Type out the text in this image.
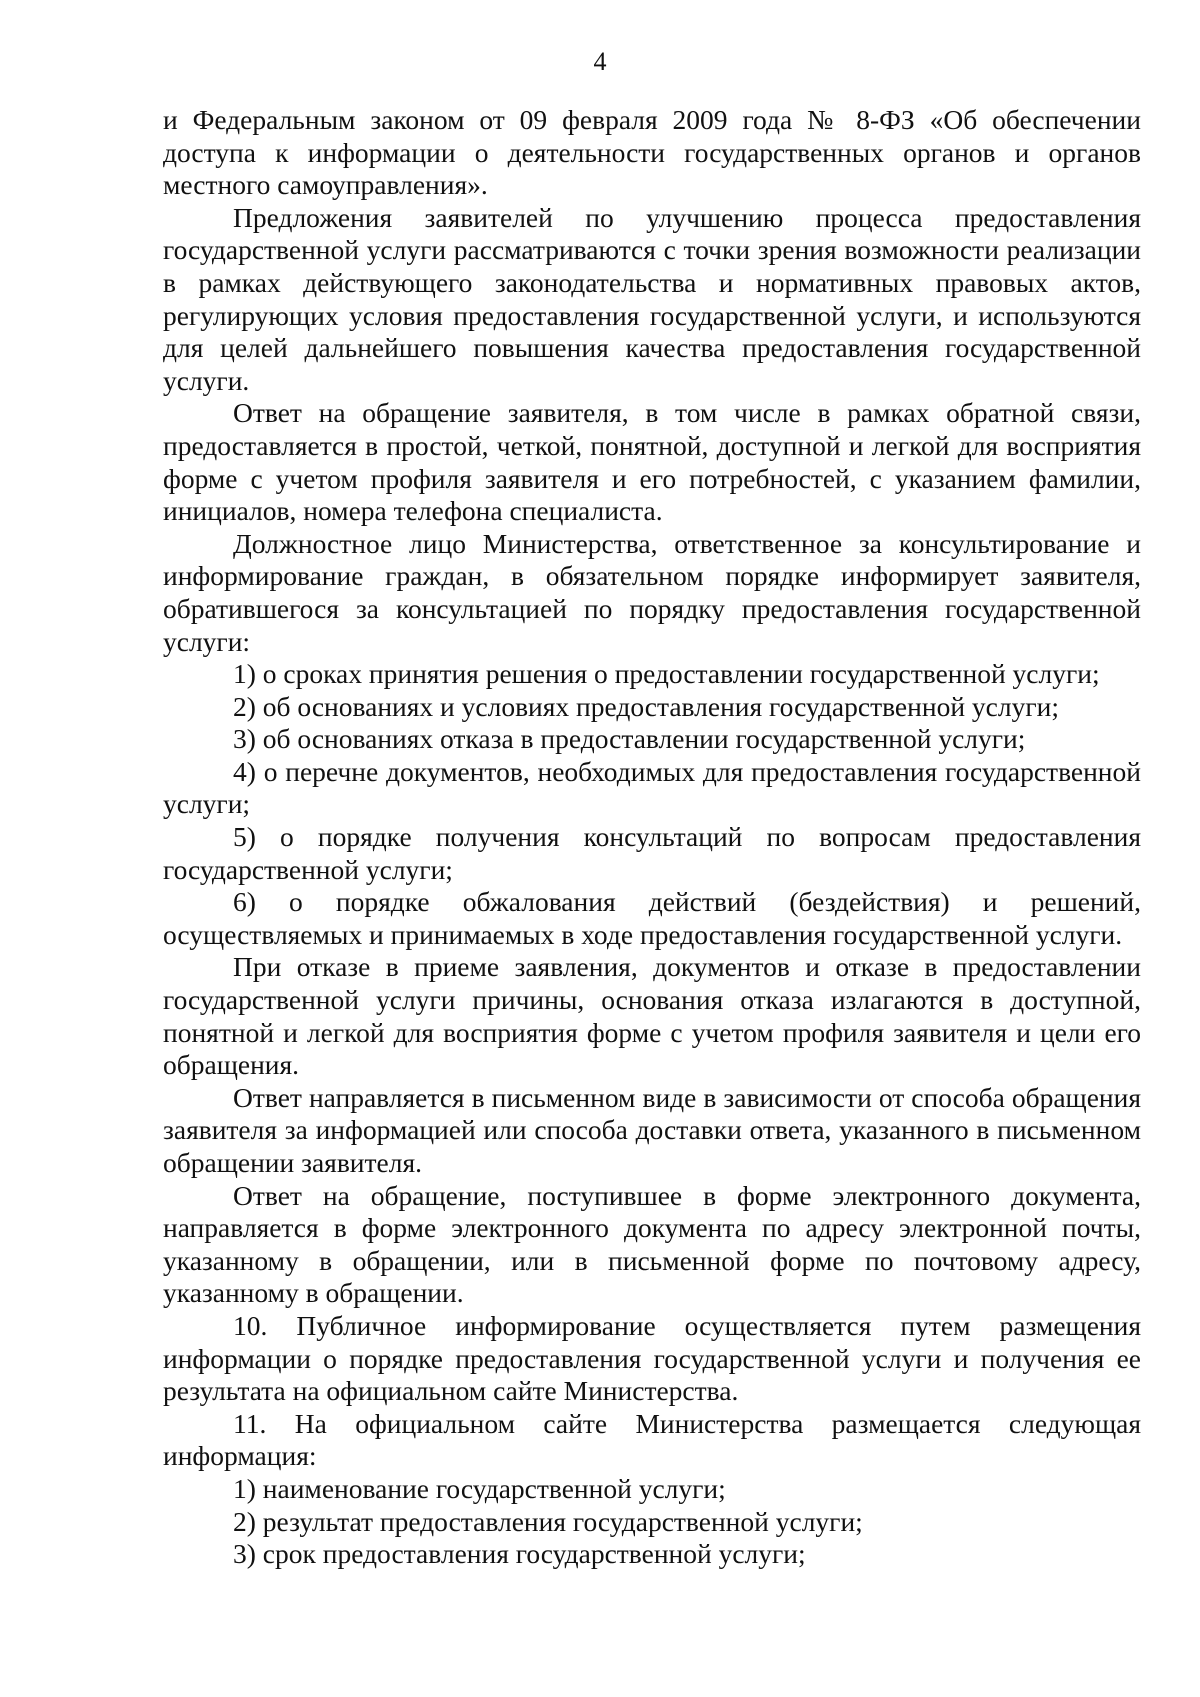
4

и Федеральным законом от 09 февраля 2009 года № 8-ФЗ «Об обеспечении доступа к информации о деятельности государственных органов и органов местного самоуправления».

Предложения заявителей по улучшению процесса предоставления государственной услуги рассматриваются с точки зрения возможности реализации в рамках действующего законодательства и нормативных правовых актов, регулирующих условия предоставления государственной услуги, и используются для целей дальнейшего повышения качества предоставления государственной услуги.

Ответ на обращение заявителя, в том числе в рамках обратной связи, предоставляется в простой, четкой, понятной, доступной и легкой для восприятия форме с учетом профиля заявителя и его потребностей, с указанием фамилии, инициалов, номера телефона специалиста.

Должностное лицо Министерства, ответственное за консультирование и информирование граждан, в обязательном порядке информирует заявителя, обратившегося за консультацией по порядку предоставления государственной услуги:

1) о сроках принятия решения о предоставлении государственной услуги;

2) об основаниях и условиях предоставления государственной услуги;

3) об основаниях отказа в предоставлении государственной услуги;

4) о перечне документов, необходимых для предоставления государственной услуги;

5) о порядке получения консультаций по вопросам предоставления государственной услуги;

6) о порядке обжалования действий (бездействия) и решений, осуществляемых и принимаемых в ходе предоставления государственной услуги.

При отказе в приеме заявления, документов и отказе в предоставлении государственной услуги причины, основания отказа излагаются в доступной, понятной и легкой для восприятия форме с учетом профиля заявителя и цели его обращения.

Ответ направляется в письменном виде в зависимости от способа обращения заявителя за информацией или способа доставки ответа, указанного в письменном обращении заявителя.

Ответ на обращение, поступившее в форме электронного документа, направляется в форме электронного документа по адресу электронной почты, указанному в обращении, или в письменной форме по почтовому адресу, указанному в обращении.

10. Публичное информирование осуществляется путем размещения информации о порядке предоставления государственной услуги и получения ее результата на официальном сайте Министерства.

11. На официальном сайте Министерства размещается следующая информация:

1) наименование государственной услуги;

2) результат предоставления государственной услуги;

3) срок предоставления государственной услуги;
